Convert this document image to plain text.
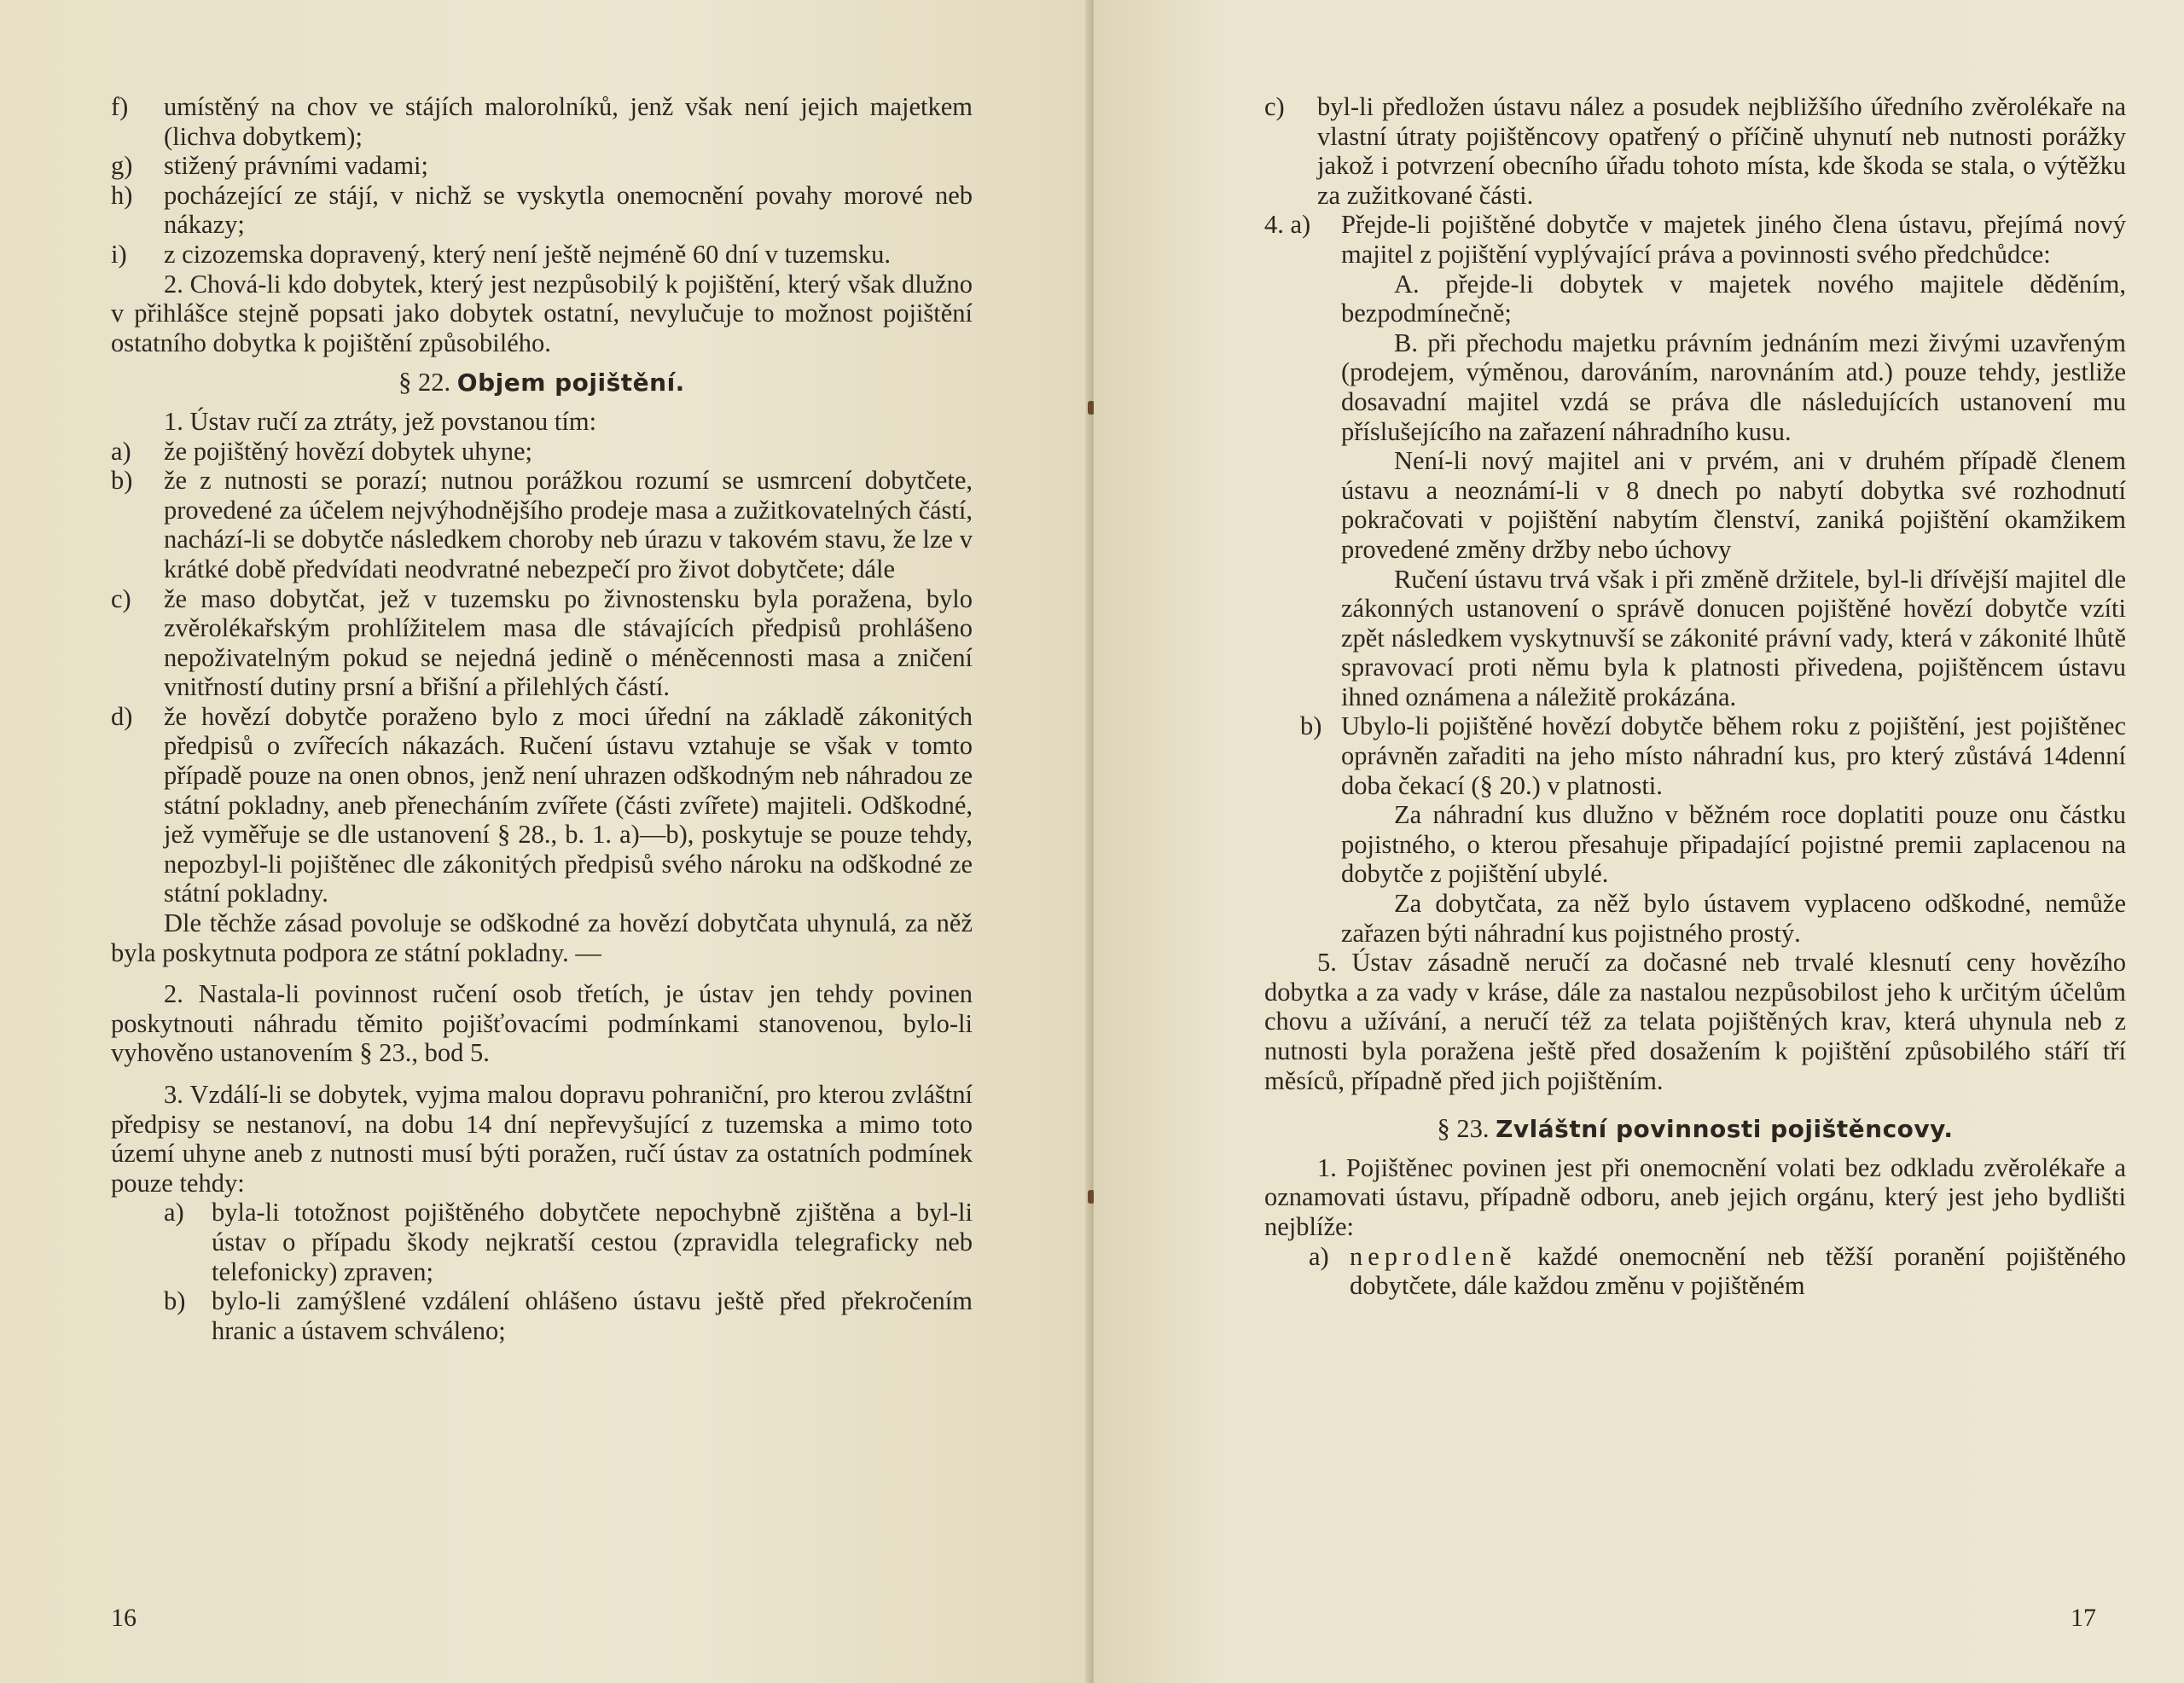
f) umístěný na chov ve stájích malorolníků, jenž však není jejich majetkem (lichva dobytkem);

g) stižený právními vadami;

h) pocházející ze stájí, v nichž se vyskytla onemocnění povahy morové neb nákazy;

i) z cizozemska dopravený, který není ještě nejméně 60 dní v tuzemsku.

2. Chová-li kdo dobytek, který jest nezpůsobilý k pojištění, který však dlužno v přihlášce stejně popsati jako dobytek ostatní, nevylučuje to možnost pojištění ostatního dobytka k pojištění způsobilého.

§ 22. Objem pojištění.

1. Ústav ručí za ztráty, jež povstanou tím:

a) že pojištěný hovězí dobytek uhyne;

b) že z nutnosti se porazí; nutnou porážkou rozumí se usmrcení dobytčete, provedené za účelem nejvýhodnějšího prodeje masa a zužitkovatelných částí, nachází-li se dobytče následkem choroby neb úrazu v takovém stavu, že lze v krátké době předvídati neodvratné nebezpečí pro život dobytčete; dále

c) že maso dobytčat, jež v tuzemsku po živnostensku byla poražena, bylo zvěrolékařským prohlížitelem masa dle stávajících předpisů prohlášeno nepoživatelným pokud se nejedná jedině o méněcennosti masa a zničení vnitřností dutiny prsní a břišní a přilehlých částí.

d) že hovězí dobytče poraženo bylo z moci úřední na základě zákonitých předpisů o zvířecích nákazách. Ručení ústavu vztahuje se však v tomto případě pouze na onen obnos, jenž není uhrazen odškodným neb náhradou ze státní pokladny, aneb přenecháním zvířete (části zvířete) majiteli. Odškodné, jež vyměřuje se dle ustanovení § 28., b. 1. a)—b), poskytuje se pouze tehdy, nepozbyl-li pojištěnec dle zákonitých předpisů svého nároku na odškodné ze státní pokladny.

Dle těchže zásad povoluje se odškodné za hovězí dobytčata uhynulá, za něž byla poskytnuta podpora ze státní pokladny. —

2. Nastala-li povinnost ručení osob třetích, je ústav jen tehdy povinen poskytnouti náhradu těmito pojišťovacími podmínkami stanovenou, bylo-li vyhověno ustanovením § 23., bod 5.

3. Vzdálí-li se dobytek, vyjma malou dopravu pohraniční, pro kterou zvláštní předpisy se nestanoví, na dobu 14 dní nepřevyšující z tuzemska a mimo toto území uhyne aneb z nutnosti musí býti poražen, ručí ústav za ostatních podmínek pouze tehdy:

a) byla-li totožnost pojištěného dobytčete nepochybně zjištěna a byl-li ústav o případu škody nejkratší cestou (zpravidla telegraficky neb telefonicky) zpraven;

b) bylo-li zamýšlené vzdálení ohlášeno ústavu ještě před překročením hranic a ústavem schváleno;

16

c) byl-li předložen ústavu nález a posudek nejbližšího úředního zvěrolékaře na vlastní útraty pojištěncovy opatřený o příčině uhynutí neb nutnosti porážky jakož i potvrzení obecního úřadu tohoto místa, kde škoda se stala, o výtěžku za zužitkované části.

4. a) Přejde-li pojištěné dobytče v majetek jiného člena ústavu, přejímá nový majitel z pojištění vyplývající práva a povinnosti svého předchůdce:

A. přejde-li dobytek v majetek nového majitele děděním, bezpodmínečně;

B. při přechodu majetku právním jednáním mezi živými uzavřeným (prodejem, výměnou, darováním, narovnáním atd.) pouze tehdy, jestliže dosavadní majitel vzdá se práva dle následujících ustanovení mu příslušejícího na zařazení náhradního kusu.

Není-li nový majitel ani v prvém, ani v druhém případě členem ústavu a neoznámí-li v 8 dnech po nabytí dobytka své rozhodnutí pokračovati v pojištění nabytím členství, zaniká pojištění okamžikem provedené změny držby nebo úchovy

Ručení ústavu trvá však i při změně držitele, byl-li dřívější majitel dle zákonných ustanovení o správě donucen pojištěné hovězí dobytče vzíti zpět následkem vyskytnuvší se zákonité právní vady, která v zákonité lhůtě spravovací proti němu byla k platnosti přivedena, pojištěncem ústavu ihned oznámena a náležitě prokázána.

b) Ubylo-li pojištěné hovězí dobytče během roku z pojištění, jest pojištěnec oprávněn zařaditi na jeho místo náhradní kus, pro který zůstává 14denní doba čekací (§ 20.) v platnosti.

Za náhradní kus dlužno v běžném roce doplatiti pouze onu částku pojistného, o kterou přesahuje připadající pojistné premii zaplacenou na dobytče z pojištění ubylé.

Za dobytčata, za něž bylo ústavem vyplaceno odškodné, nemůže zařazen býti náhradní kus pojistného prostý.

5. Ústav zásadně neručí za dočasné neb trvalé klesnutí ceny hovězího dobytka a za vady v kráse, dále za nastalou nezpůsobilost jeho k určitým účelům chovu a užívání, a neručí též za telata pojištěných krav, která uhynula neb z nutnosti byla poražena ještě před dosažením k pojištění způsobilého stáří tří měsíců, případně před jich pojištěním.

§ 23. Zvláštní povinnosti pojištěncovy.

1. Pojištěnec povinen jest při onemocnění volati bez odkladu zvěrolékaře a oznamovati ústavu, případně odboru, aneb jejich orgánu, který jest jeho bydlišti nejblíže:

a) neprodleně každé onemocnění neb těžší poranění pojištěného dobytčete, dále každou změnu v pojištěném

17
